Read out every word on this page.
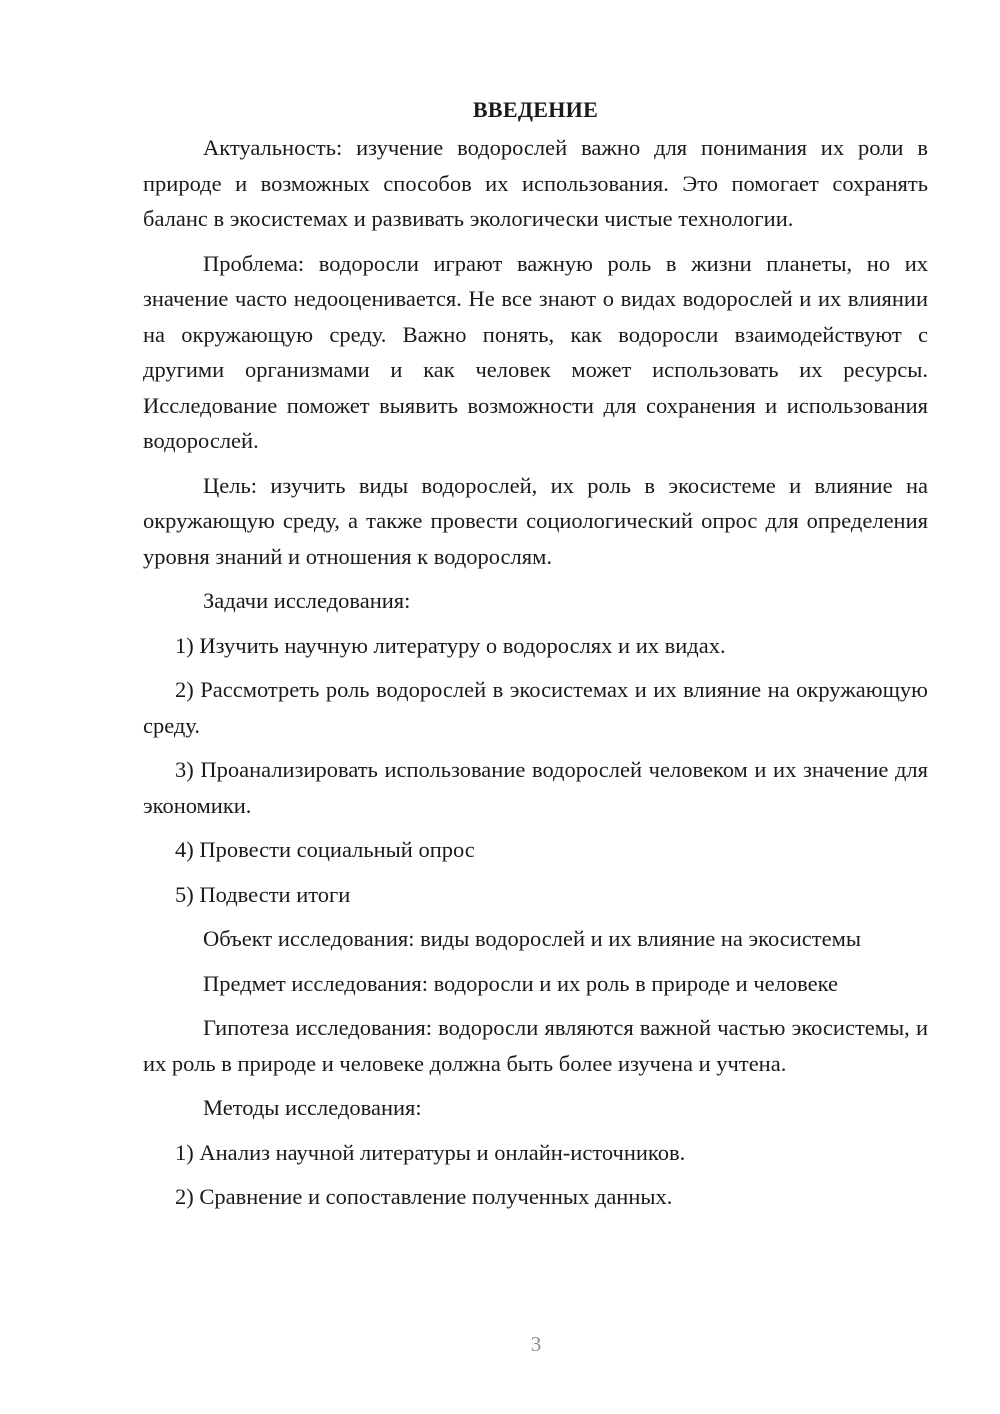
ВВЕДЕНИЕ

Актуальность: изучение водорослей важно для понимания их роли в природе и возможных способов их использования. Это помогает сохранять баланс в экосистемах и развивать экологически чистые технологии.

Проблема: водоросли играют важную роль в жизни планеты, но их значение часто недооценивается. Не все знают о видах водорослей и их влиянии на окружающую среду. Важно понять, как водоросли взаимодействуют с другими организмами и как человек может использовать их ресурсы. Исследование поможет выявить возможности для сохранения и использования водорослей.

Цель: изучить виды водорослей, их роль в экосистеме и влияние на окружающую среду, а также провести социологический опрос для определения уровня знаний и отношения к водорослям.

Задачи исследования:

1) Изучить научную литературу о водорослях и их видах.

2) Рассмотреть роль водорослей в экосистемах и их влияние на окружающую среду.

3) Проанализировать использование водорослей человеком и их значение для экономики.

4) Провести социальный опрос

5) Подвести итоги

Объект исследования: виды водорослей и их влияние на экосистемы

Предмет исследования: водоросли и их роль в природе и человеке

Гипотеза исследования: водоросли являются важной частью экосистемы, и их роль в природе и человеке должна быть более изучена и учтена.

Методы исследования:

1) Анализ научной литературы и онлайн-источников.

2) Сравнение и сопоставление полученных данных.

3
